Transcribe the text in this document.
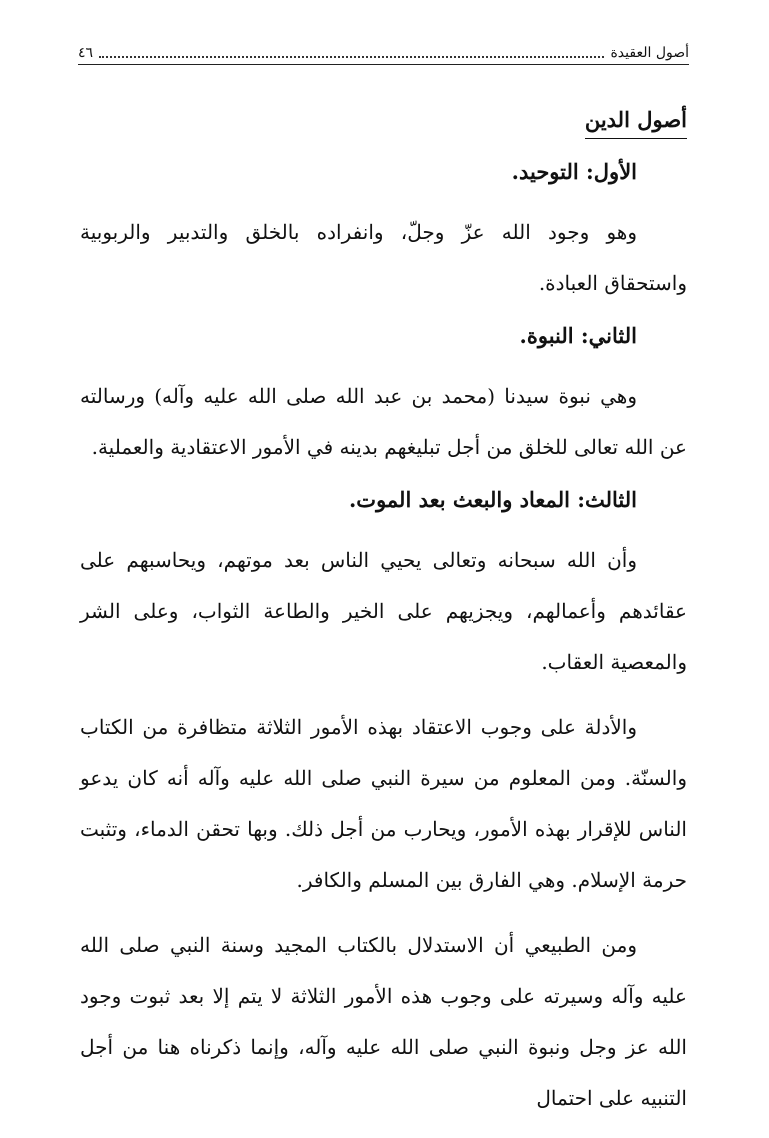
أصول العقيدة
٤٦
أصول الدين
الأول: التوحيد.

وهو وجود الله عزّ وجلّ، وانفراده بالخلق والتدبير والربوبية واستحقاق العبادة.

الثاني: النبوة.

وهي نبوة سيدنا (محمد بن عبد الله صلى الله عليه وآله) ورسالته عن الله تعالى للخلق من أجل تبليغهم بدينه في الأمور الاعتقادية والعملية.

الثالث: المعاد والبعث بعد الموت.

وأن الله سبحانه وتعالى يحيي الناس بعد موتهم، ويحاسبهم على عقائدهم وأعمالهم، ويجزيهم على الخير والطاعة الثواب، وعلى الشر والمعصية العقاب.

والأدلة على وجوب الاعتقاد بهذه الأمور الثلاثة متظافرة من الكتاب والسنّة. ومن المعلوم من سيرة النبي صلى الله عليه وآله أنه كان يدعو الناس للإقرار بهذه الأمور، ويحارب من أجل ذلك. وبها تحقن الدماء، وتثبت حرمة الإسلام. وهي الفارق بين المسلم والكافر.

ومن الطبيعي أن الاستدلال بالكتاب المجيد وسنة النبي صلى الله عليه وآله وسيرته على وجوب هذه الأمور الثلاثة لا يتم إلا بعد ثبوت وجود الله عز وجل ونبوة النبي صلى الله عليه وآله، وإنما ذكرناه هنا من أجل التنبيه على احتمال
